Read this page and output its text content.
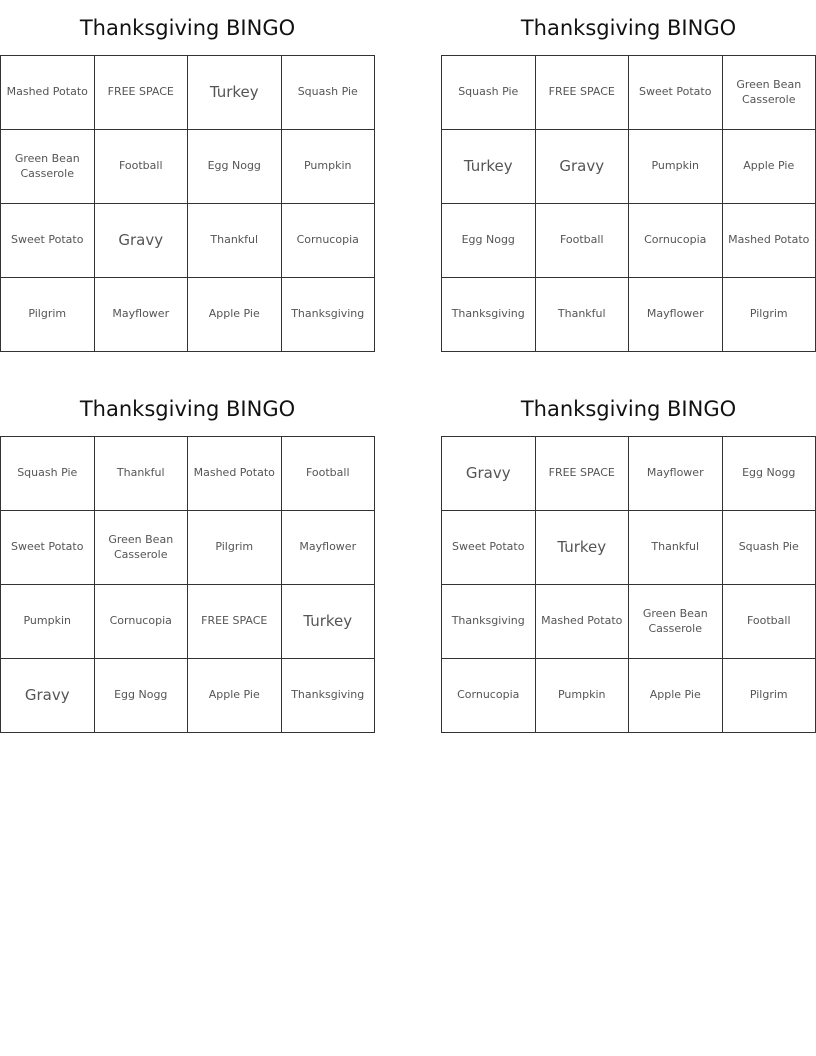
Thanksgiving BINGO
Mashed Potato	FREE SPACE	Turkey	Squash Pie
Green Bean Casserole	Football	Egg Nogg	Pumpkin
Sweet Potato	Gravy	Thankful	Cornucopia
Pilgrim	Mayflower	Apple Pie	Thanksgiving
Thanksgiving BINGO
Squash Pie	FREE SPACE	Sweet Potato	Green Bean Casserole
Turkey	Gravy	Pumpkin	Apple Pie
Egg Nogg	Football	Cornucopia	Mashed Potato
Thanksgiving	Thankful	Mayflower	Pilgrim
Thanksgiving BINGO
Squash Pie	Thankful	Mashed Potato	Football
Sweet Potato	Green Bean Casserole	Pilgrim	Mayflower
Pumpkin	Cornucopia	FREE SPACE	Turkey
Gravy	Egg Nogg	Apple Pie	Thanksgiving
Thanksgiving BINGO
Gravy	FREE SPACE	Mayflower	Egg Nogg
Sweet Potato	Turkey	Thankful	Squash Pie
Thanksgiving	Mashed Potato	Green Bean Casserole	Football
Cornucopia	Pumpkin	Apple Pie	Pilgrim
